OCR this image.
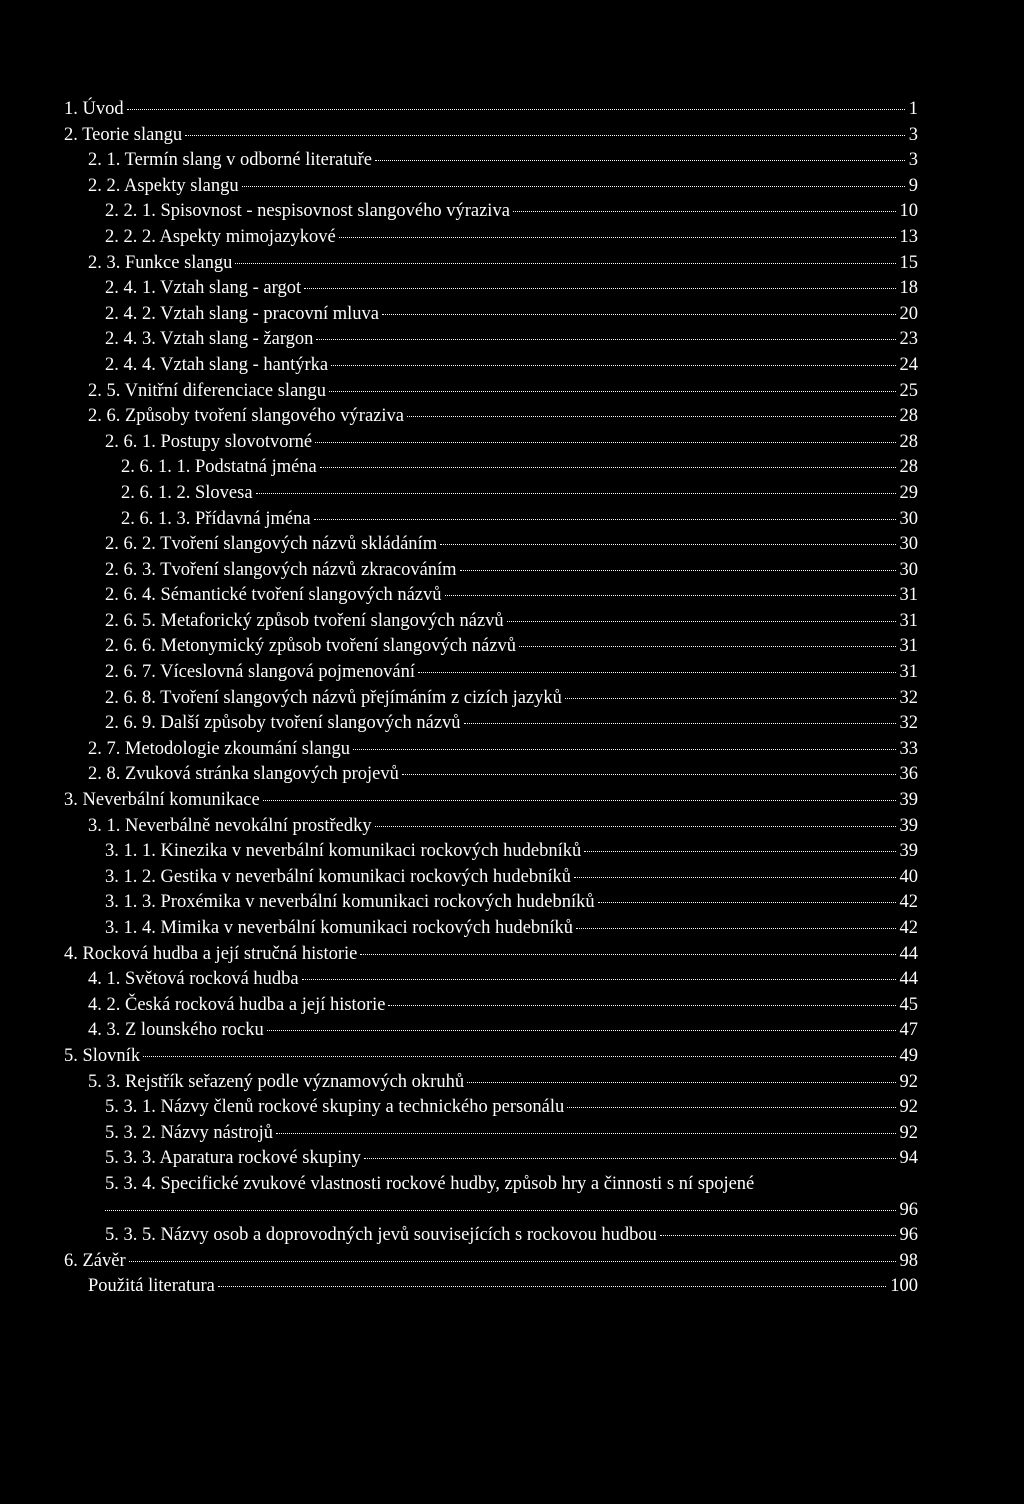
1. Úvod	1
2. Teorie slangu	3
2. 1. Termín slang v odborné literatuře	3
2. 2. Aspekty slangu	9
2. 2. 1. Spisovnost - nespisovnost slangového výraziva	10
2. 2. 2. Aspekty mimojazykové	13
2. 3. Funkce slangu	15
2. 4. 1. Vztah slang - argot	18
2. 4. 2. Vztah slang - pracovní mluva	20
2. 4. 3. Vztah slang - žargon	23
2. 4. 4. Vztah slang - hantýrka	24
2. 5. Vnitřní diferenciace slangu	25
2. 6. Způsoby tvoření slangového výraziva	28
2. 6. 1. Postupy slovotvorné	28
2. 6. 1. 1. Podstatná jména	28
2. 6. 1. 2. Slovesa	29
2. 6. 1. 3. Přídavná jména	30
2. 6. 2. Tvoření slangových názvů skládáním	30
2. 6. 3. Tvoření slangových názvů zkracováním	30
2. 6. 4. Sémantické tvoření slangových názvů	31
2. 6. 5. Metaforický způsob tvoření slangových názvů	31
2. 6. 6. Metonymický způsob tvoření slangových názvů	31
2. 6. 7. Víceslovná slangová pojmenování	31
2. 6. 8. Tvoření slangových názvů přejímáním z cizích jazyků	32
2. 6. 9. Další způsoby tvoření slangových názvů	32
2. 7. Metodologie zkoumání slangu	33
2. 8. Zvuková stránka slangových projevů	36
3. Neverbální komunikace	39
3. 1. Neverbálně nevokální prostředky	39
3. 1. 1. Kinezika v neverbální komunikaci rockových hudebníků	39
3. 1. 2. Gestika v neverbální komunikaci rockových hudebníků	40
3. 1. 3. Proxémika v neverbální komunikaci rockových hudebníků	42
3. 1. 4. Mimika v neverbální komunikaci rockových hudebníků	42
4. Rocková hudba a její stručná historie	44
4. 1. Světová rocková hudba	44
4. 2. Česká rocková hudba a její historie	45
4. 3. Z lounského rocku	47
5. Slovník	49
5. 3. Rejstřík seřazený podle významových okruhů	92
5. 3. 1. Názvy členů rockové skupiny a technického personálu	92
5. 3. 2. Názvy nástrojů	92
5. 3. 3. Aparatura rockové skupiny	94
5. 3. 4. Specifické zvukové vlastnosti rockové hudby, způsob hry a činnosti s ní spojené
96
5. 3. 5. Názvy osob a doprovodných jevů souvisejících s rockovou hudbou	96
6. Závěr	98
Použitá literatura	100
